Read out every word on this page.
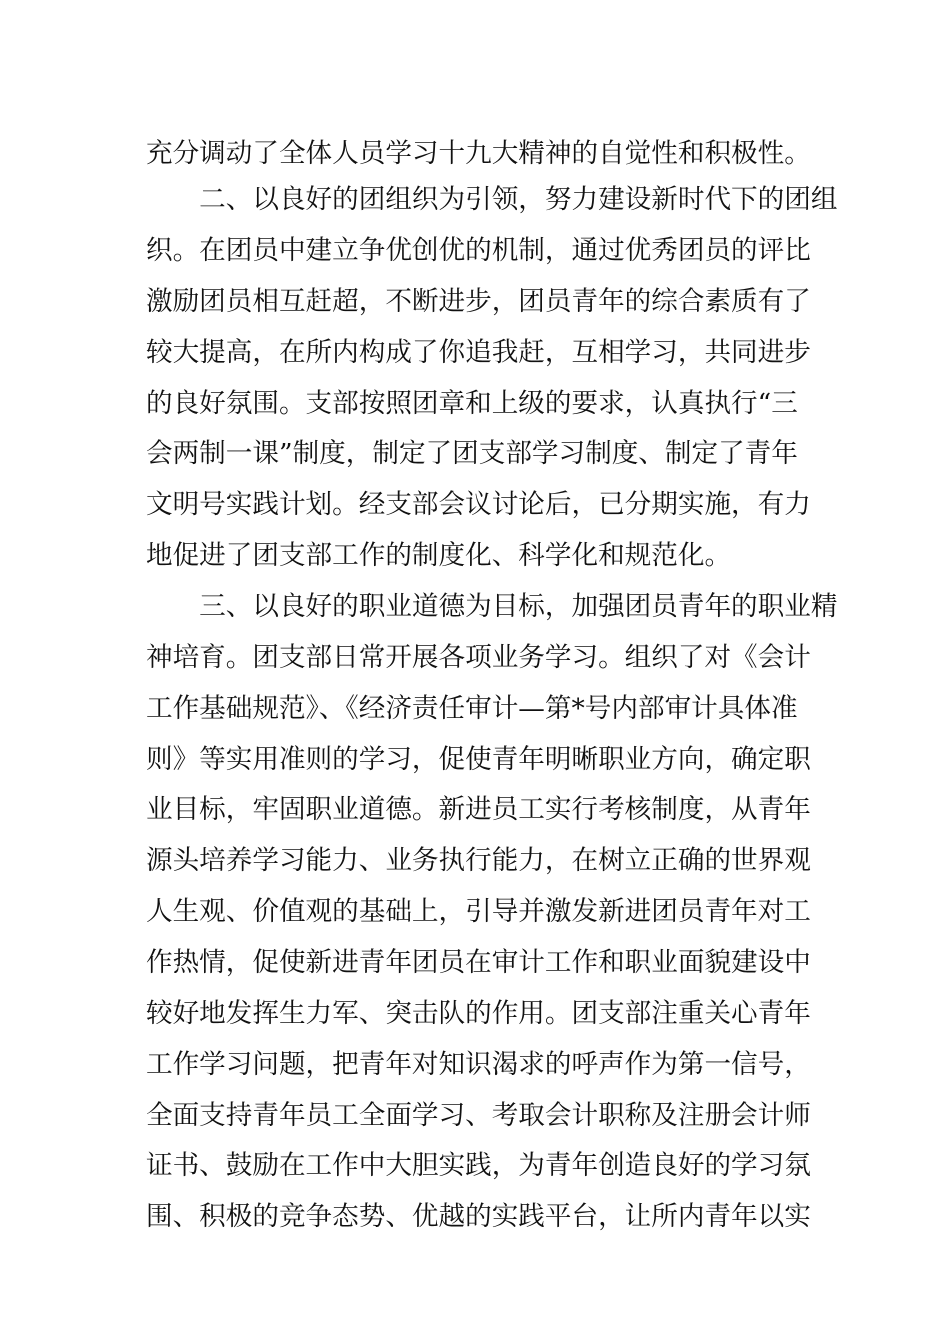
充分调动了全体人员学习十九大精神的自觉性和积极性。
　　二、以良好的团组织为引领，努力建设新时代下的团组
织。在团员中建立争优创优的机制，通过优秀团员的评比
激励团员相互赶超，不断进步，团员青年的综合素质有了
较大提高，在所内构成了你追我赶，互相学习，共同进步
的良好氛围。支部按照团章和上级的要求，认真执行“三
会两制一课”制度，制定了团支部学习制度、制定了青年
文明号实践计划。经支部会议讨论后，已分期实施，有力
地促进了团支部工作的制度化、科学化和规范化。
　　三、以良好的职业道德为目标，加强团员青年的职业精
神培育。团支部日常开展各项业务学习。组织了对《会计
工作基础规范》、《经济责任审计—第*号内部审计具体准
则》等实用准则的学习，促使青年明晰职业方向，确定职
业目标，牢固职业道德。新进员工实行考核制度，从青年
源头培养学习能力、业务执行能力，在树立正确的世界观
人生观、价值观的基础上，引导并激发新进团员青年对工
作热情，促使新进青年团员在审计工作和职业面貌建设中
较好地发挥生力军、突击队的作用。团支部注重关心青年
工作学习问题，把青年对知识渴求的呼声作为第一信号，
全面支持青年员工全面学习、考取会计职称及注册会计师
证书、鼓励在工作中大胆实践，为青年创造良好的学习氛
围、积极的竞争态势、优越的实践平台，让所内青年以实
